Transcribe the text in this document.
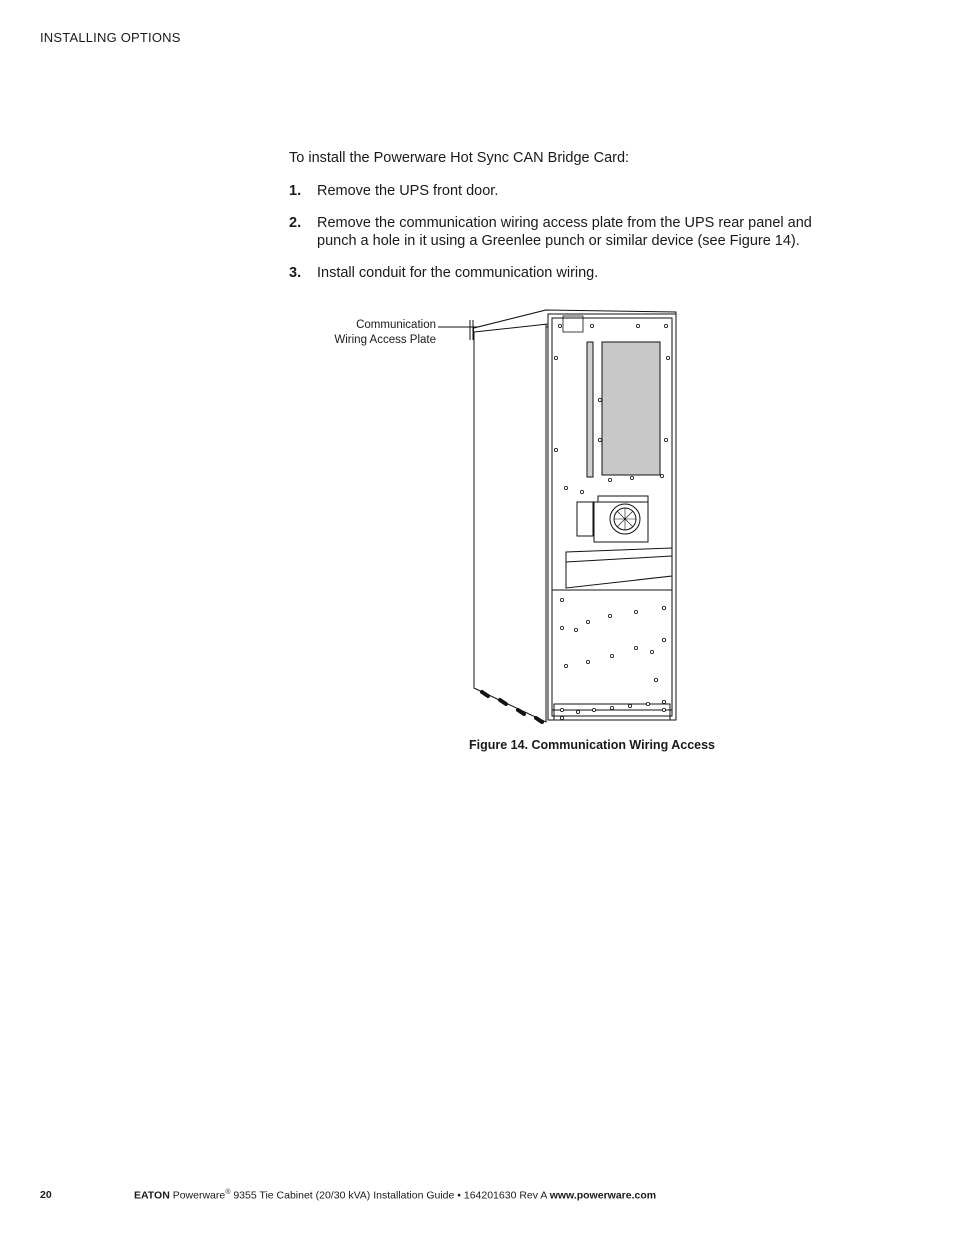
INSTALLING OPTIONS
To install the Powerware Hot Sync CAN Bridge Card:
1. Remove the UPS front door.
2. Remove the communication wiring access plate from the UPS rear panel and punch a hole in it using a Greenlee punch or similar device (see Figure 14).
3. Install conduit for the communication wiring.
Communication
Wiring Access Plate
Figure 14. Communication Wiring Access
20	EATON Powerware® 9355 Tie Cabinet (20/30 kVA) Installation Guide • 164201630 Rev A www.powerware.com
